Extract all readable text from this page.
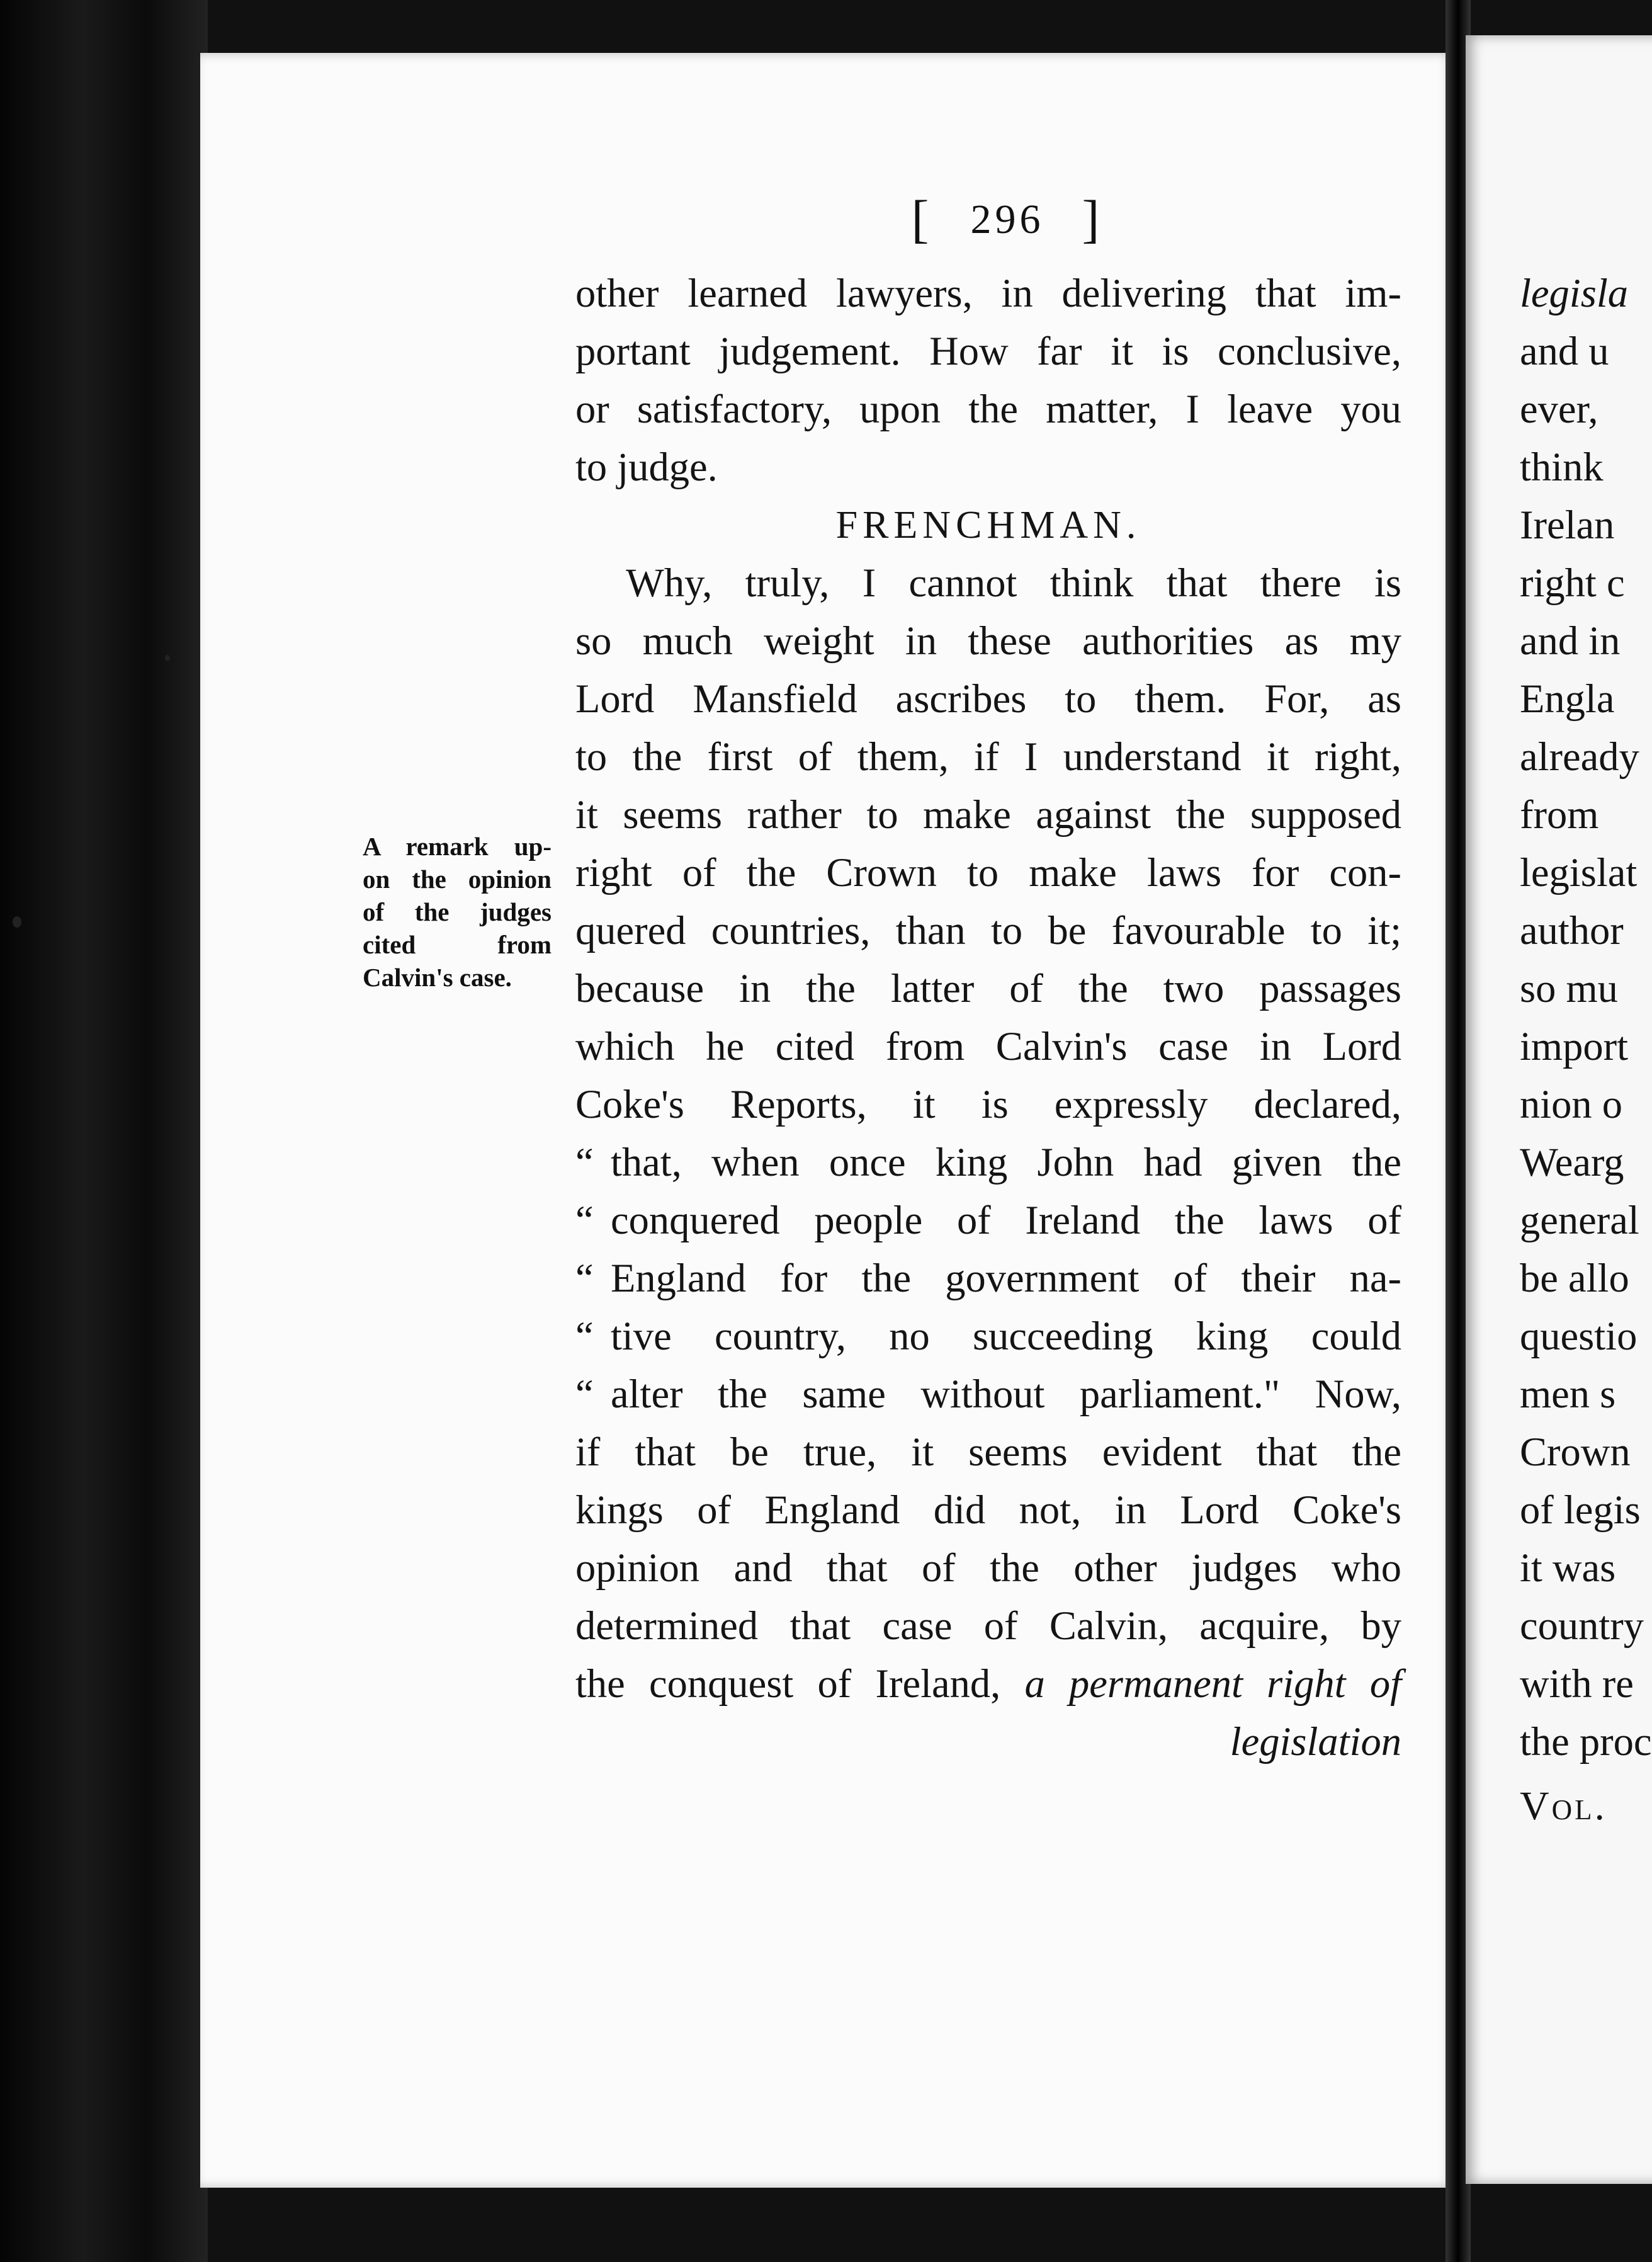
[ 296 ]
other learned lawyers, in delivering that im-
portant judgement. How far it is conclusive,
or satisfactory, upon the matter, I leave you
to judge.
FRENCHMAN.
Why, truly, I cannot think that there is
so much weight in these authorities as my
Lord Mansfield ascribes to them. For, as
to the first of them, if I understand it right,
it seems rather to make against the supposed
right of the Crown to make laws for con-
quered countries, than to be favourable to it;
because in the latter of the two passages
which he cited from Calvin's case in Lord
Coke's Reports, it is expressly declared,
“ that, when once king John had given the
“ conquered people of Ireland the laws of
“ England for the government of their na-
“ tive country, no succeeding king could
“ alter the same without parliament." Now,
if that be true, it seems evident that the
kings of England did not, in Lord Coke's
opinion and that of the other judges who
determined that case of Calvin, acquire, by
the conquest of Ireland, a permanent right of
legislation
A remark up-
on the opinion
of the judges
cited from
Calvin's case.
legisla
and u
ever,
think
Irelan
right c
and in
Engla
already
from
legislat
author
so mu
import
nion o
Wearg
general
be allo
questio
men s
Crown
of legis
it was
country
with re
the proc
Vol.
